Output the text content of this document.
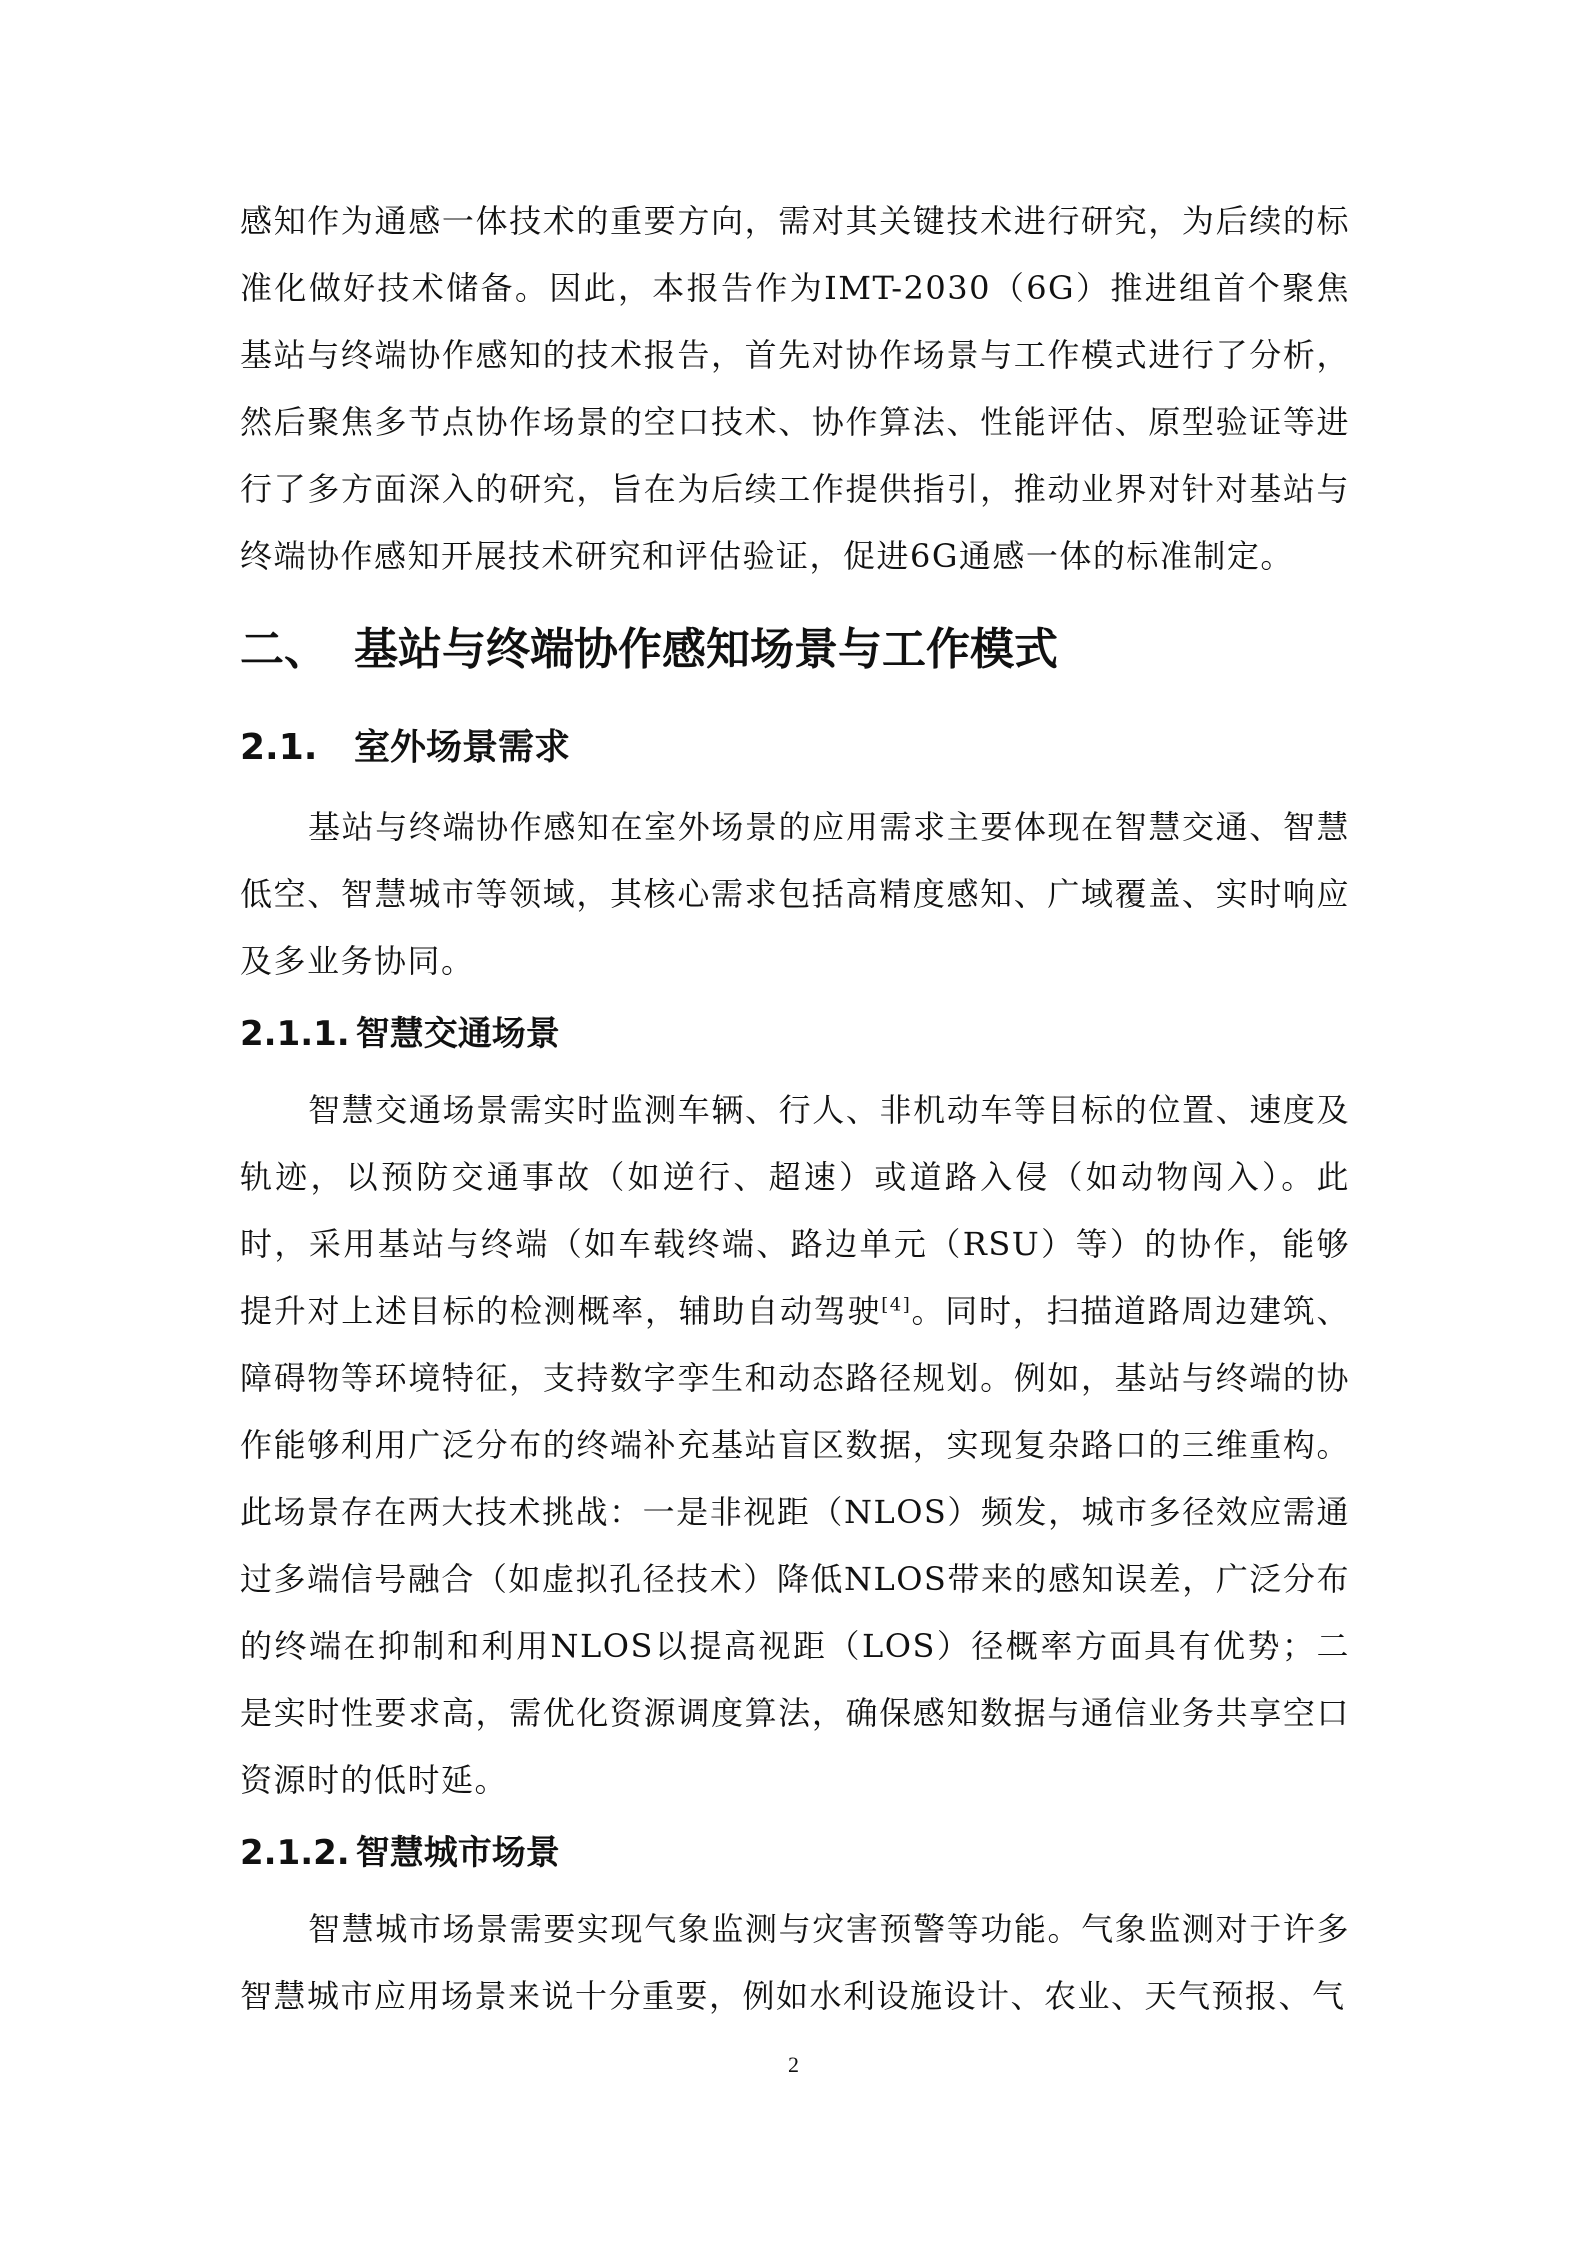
感知作为通感一体技术的重要方向，需对其关键技术进行研究，为后续的标准化做好技术储备。因此，本报告作为IMT-2030（6G）推进组首个聚焦基站与终端协作感知的技术报告，首先对协作场景与工作模式进行了分析，然后聚焦多节点协作场景的空口技术、协作算法、性能评估、原型验证等进行了多方面深入的研究，旨在为后续工作提供指引，推动业界对针对基站与终端协作感知开展技术研究和评估验证，促进6G通感一体的标准制定。

二、 基站与终端协作感知场景与工作模式
2.1.	室外场景需求

基站与终端协作感知在室外场景的应用需求主要体现在智慧交通、智慧低空、智慧城市等领域，其核心需求包括高精度感知、广域覆盖、实时响应及多业务协同。

2.1.1. 智慧交通场景

智慧交通场景需实时监测车辆、行人、非机动车等目标的位置、速度及轨迹，以预防交通事故（如逆行、超速）或道路入侵（如动物闯入）。此时，采用基站与终端（如车载终端、路边单元（RSU）等）的协作，能够提升对上述目标的检测概率，辅助自动驾驶[4]。同时，扫描道路周边建筑、障碍物等环境特征，支持数字孪生和动态路径规划。例如，基站与终端的协作能够利用广泛分布的终端补充基站盲区数据，实现复杂路口的三维重构。此场景存在两大技术挑战：一是非视距（NLOS）频发，城市多径效应需通过多端信号融合（如虚拟孔径技术）降低NLOS带来的感知误差，广泛分布的终端在抑制和利用NLOS以提高视距（LOS）径概率方面具有优势；二是实时性要求高，需优化资源调度算法，确保感知数据与通信业务共享空口资源时的低时延。

2.1.2. 智慧城市场景

智慧城市场景需要实现气象监测与灾害预警等功能。气象监测对于许多智慧城市应用场景来说十分重要，例如水利设施设计、农业、天气预报、气

2
